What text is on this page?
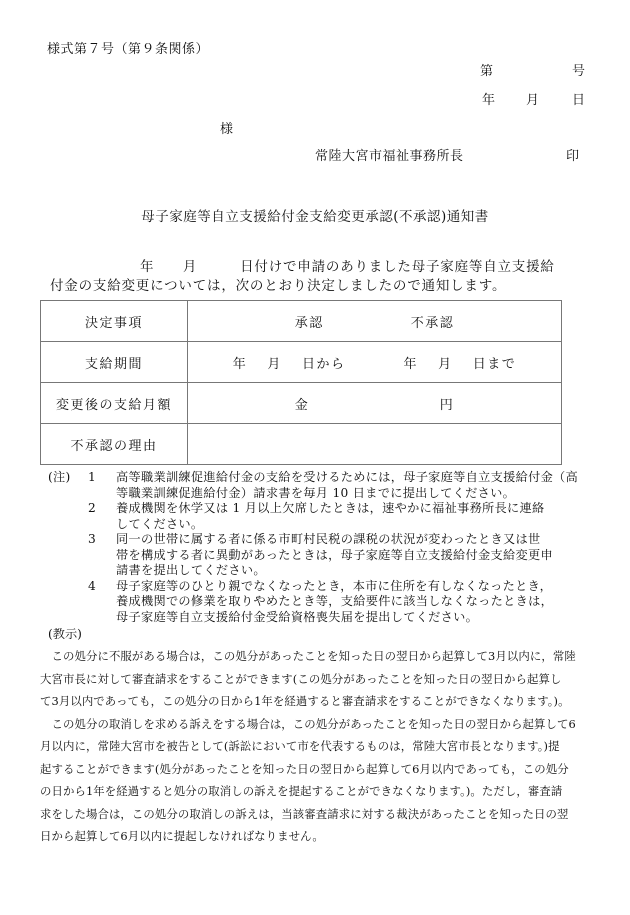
様式第７号（第９条関係）
第	号
年 月	日
様
常陸大宮市福祉事務所長	印
母子家庭等自立支援給付金支給変更承認(不承認)通知書
年　　月　　　日付けで申請のありました母子家庭等自立支援給
付金の支給変更については，次のとおり決定しましたので通知します。
決定事項	承認　　　　　　不承認
支給期間	年　 月　 日から　　　　年　 月　 日まで
変更後の支給月額	金　　　　　　　　　円
不承認の理由	
(注)	1	高等職業訓練促進給付金の支給を受けるためには，母子家庭等自立支援給付金（高
等職業訓練促進給付金）請求書を毎月 10 日までに提出してください。
2	養成機関を休学又は 1 月以上欠席したときは，速やかに福祉事務所長に連絡
してください。
3	同一の世帯に属する者に係る市町村民税の課税の状況が変わったとき又は世
帯を構成する者に異動があったときは，母子家庭等自立支援給付金支給変更申
請書を提出してください。
4	母子家庭等のひとり親でなくなったとき，本市に住所を有しなくなったとき，
養成機関での修業を取りやめたとき等，支給要件に該当しなくなったときは，
母子家庭等自立支援給付金受給資格喪失届を提出してください。
(教示)
　この処分に不服がある場合は，この処分があったことを知った日の翌日から起算して3月以内に，常陸
大宮市長に対して審査請求をすることができます(この処分があったことを知った日の翌日から起算し
て3月以内であっても，この処分の日から1年を経過すると審査請求をすることができなくなります。)。
　この処分の取消しを求める訴えをする場合は，この処分があったことを知った日の翌日から起算して6
月以内に，常陸大宮市を被告として(訴訟において市を代表するものは，常陸大宮市長となります。)提
起することができます(処分があったことを知った日の翌日から起算して6月以内であっても，この処分
の日から1年を経過すると処分の取消しの訴えを提起することができなくなります。)。ただし，審査請
求をした場合は，この処分の取消しの訴えは，当該審査請求に対する裁決があったことを知った日の翌
日から起算して6月以内に提起しなければなりません。
